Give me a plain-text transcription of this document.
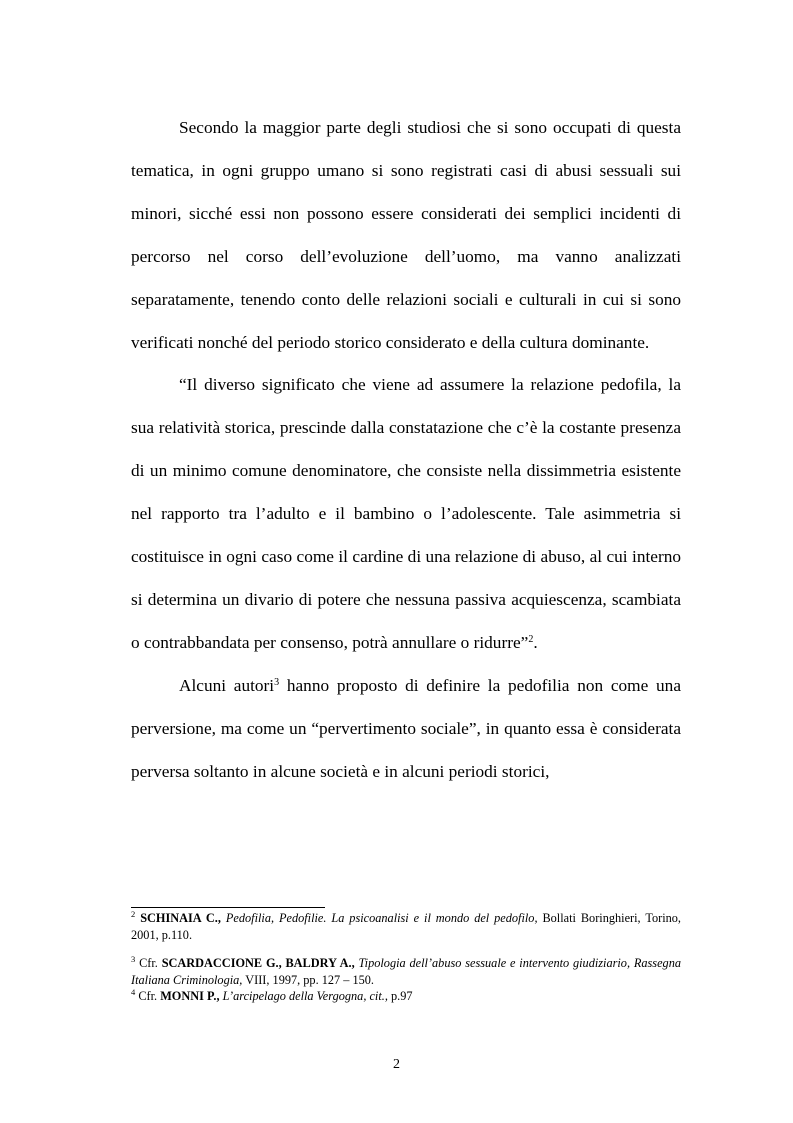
Secondo la maggior parte degli studiosi che si sono occupati di questa tematica, in ogni gruppo umano si sono registrati casi di abusi sessuali sui minori, sicché essi non possono essere considerati dei semplici incidenti di percorso nel corso dell’evoluzione dell’uomo, ma vanno analizzati separatamente, tenendo conto delle relazioni sociali e culturali in cui si sono verificati nonché del periodo storico considerato e della cultura dominante.

“Il diverso significato che viene ad assumere la relazione pedofila, la sua relatività storica, prescinde dalla constatazione che c’è la costante presenza di un minimo comune denominatore, che consiste nella dissimmetria esistente nel rapporto tra l’adulto e il bambino o l’adolescente. Tale asimmetria si costituisce in ogni caso come il cardine di una relazione di abuso, al cui interno si determina un divario di potere che nessuna passiva acquiescenza, scambiata o contrabbandata per consenso, potrà annullare o ridurre”$^2$.

Alcuni autori$^3$ hanno proposto di definire la pedofilia non come una perversione, ma come un “pervertimento sociale”, in quanto essa è considerata perversa soltanto in alcune società e in alcuni periodi storici,

$^2$ SCHINAIA C., Pedofilia, Pedofilie. La psicoanalisi e il mondo del pedofilo, Bollati Boringhieri, Torino, 2001, p.110.

$^3$ Cfr. SCARDACCIONE G., BALDRY A., Tipologia dell’abuso sessuale e intervento giudiziario, Rassegna Italiana Criminologia, VIII, 1997, pp. 127 – 150.

$^4$ Cfr. MONNI P., L’arcipelago della Vergogna, cit., p.97

2
